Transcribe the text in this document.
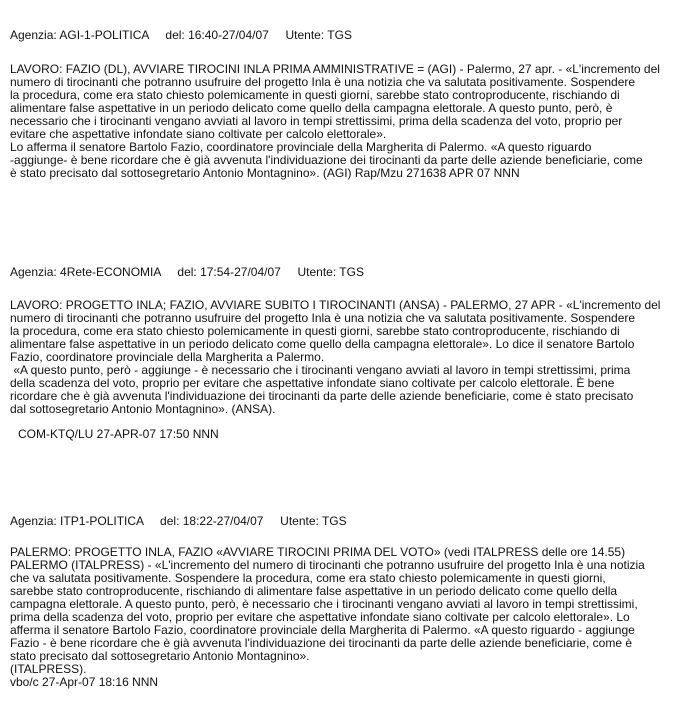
Agenzia: AGI-1-POLITICA     del: 16:40-27/04/07     Utente: TGS
LAVORO: FAZIO (DL), AVVIARE TIROCINI INLA PRIMA AMMINISTRATIVE = (AGI) - Palermo, 27 apr. - «L'incremento del
numero di tirocinanti che potranno usufruire del progetto Inla è una notizia che va salutata positivamente. Sospendere
la procedura, come era stato chiesto polemicamente in questi giorni, sarebbe stato controproducente, rischiando di
alimentare false aspettative in un periodo delicato come quello della campagna elettorale. A questo punto, però, è
necessario che i tirocinanti vengano avviati al lavoro in tempi strettissimi, prima della scadenza del voto, proprio per
evitare che aspettative infondate siano coltivate per calcolo elettorale».
Lo afferma il senatore Bartolo Fazio, coordinatore provinciale della Margherita di Palermo. «A questo riguardo
-aggiunge- è bene ricordare che è già avvenuta l'individuazione dei tirocinanti da parte delle aziende beneficiarie, come
è stato precisato dal sottosegretario Antonio Montagnino». (AGI) Rap/Mzu 271638 APR 07 NNN
Agenzia: 4Rete-ECONOMIA     del: 17:54-27/04/07     Utente: TGS
LAVORO: PROGETTO INLA; FAZIO, AVVIARE SUBITO I TIROCINANTI (ANSA) - PALERMO, 27 APR - «L'incremento del
numero di tirocinanti che potranno usufruire del progetto Inla è una notizia che va salutata positivamente. Sospendere
la procedura, come era stato chiesto polemicamente in questi giorni, sarebbe stato controproducente, rischiando di
alimentare false aspettative in un periodo delicato come quello della campagna elettorale». Lo dice il senatore Bartolo
Fazio, coordinatore provinciale della Margherita a Palermo.
«A questo punto, però - aggiunge - è necessario che i tirocinanti vengano avviati al lavoro in tempi strettissimi, prima
della scadenza del voto, proprio per evitare che aspettative infondate siano coltivate per calcolo elettorale. È bene
ricordare che è già avvenuta l'individuazione dei tirocinanti da parte delle aziende beneficiarie, come è stato precisato
dal sottosegretario Antonio Montagnino». (ANSA).
COM-KTQ/LU 27-APR-07 17:50 NNN
Agenzia: ITP1-POLITICA     del: 18:22-27/04/07     Utente: TGS
PALERMO: PROGETTO INLA, FAZIO «AVVIARE TIROCINI PRIMA DEL VOTO» (vedi ITALPRESS delle ore 14.55)
PALERMO (ITALPRESS) - «L'incremento del numero di tirocinanti che potranno usufruire del progetto Inla è una notizia
che va salutata positivamente. Sospendere la procedura, come era stato chiesto polemicamente in questi giorni,
sarebbe stato controproducente, rischiando di alimentare false aspettative in un periodo delicato come quello della
campagna elettorale. A questo punto, però, è necessario che i tirocinanti vengano avviati al lavoro in tempi strettissimi,
prima della scadenza del voto, proprio per evitare che aspettative infondate siano coltivate per calcolo elettorale». Lo
afferma il senatore Bartolo Fazio, coordinatore provinciale della Margherita di Palermo. «A questo riguardo - aggiunge
Fazio - è bene ricordare che è già avvenuta l'individuazione dei tirocinanti da parte delle aziende beneficiarie, come è
stato precisato dal sottosegretario Antonio Montagnino».
(ITALPRESS).
vbo/c 27-Apr-07 18:16 NNN
